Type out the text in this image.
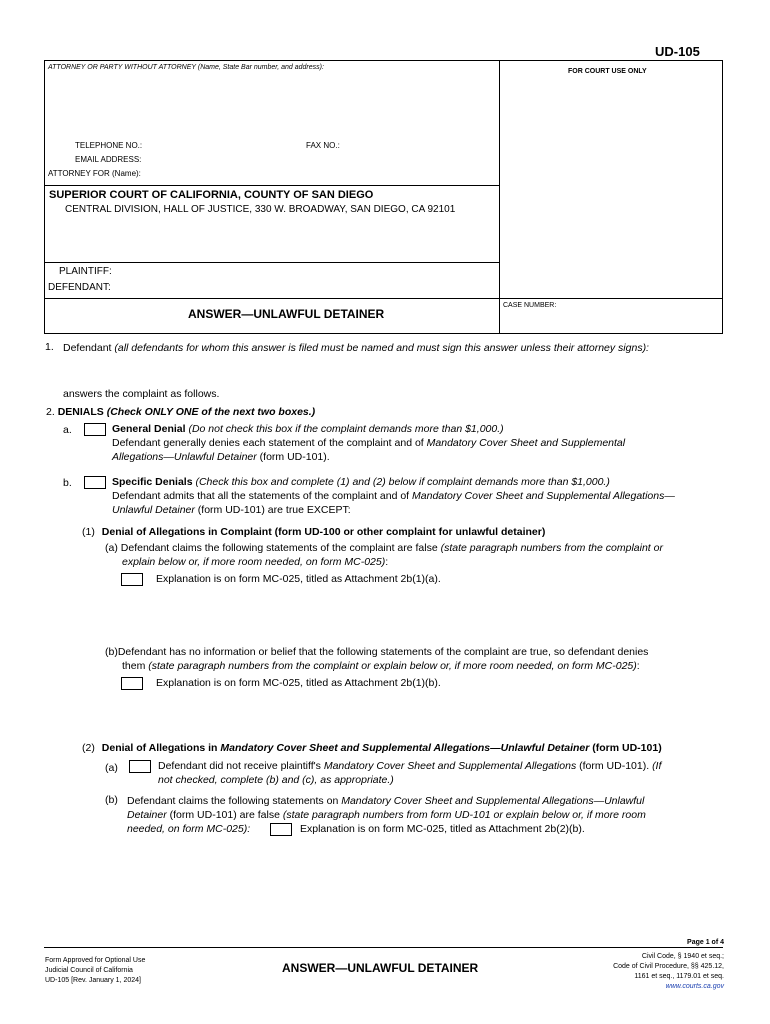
UD-105
ATTORNEY OR PARTY WITHOUT ATTORNEY (Name, State Bar number, and address):
FOR COURT USE ONLY
TELEPHONE NO.:	FAX NO.:
EMAIL ADDRESS:
ATTORNEY FOR (Name):
SUPERIOR COURT OF CALIFORNIA, COUNTY OF SAN DIEGO
CENTRAL DIVISION, HALL OF JUSTICE, 330 W. BROADWAY, SAN DIEGO, CA 92101
PLAINTIFF:
DEFENDANT:
ANSWER—UNLAWFUL DETAINER
CASE NUMBER:
1. Defendant (all defendants for whom this answer is filed must be named and must sign this answer unless their attorney signs):
answers the complaint as follows.
2. DENIALS (Check ONLY ONE of the next two boxes.)
a.	General Denial (Do not check this box if the complaint demands more than $1,000.)
Defendant generally denies each statement of the complaint and of Mandatory Cover Sheet and Supplemental
Allegations—Unlawful Detainer (form UD-101).
b.	Specific Denials (Check this box and complete (1) and (2) below if complaint demands more than $1,000.)
Defendant admits that all the statements of the complaint and of Mandatory Cover Sheet and Supplemental Allegations—
Unlawful Detainer (form UD-101) are true EXCEPT:
(1) Denial of Allegations in Complaint (form UD-100 or other complaint for unlawful detainer)
(a) Defendant claims the following statements of the complaint are false (state paragraph numbers from the complaint or
explain below or, if more room needed, on form MC-025):
Explanation is on form MC-025, titled as Attachment 2b(1)(a).
(b)Defendant has no information or belief that the following statements of the complaint are true, so defendant denies
them (state paragraph numbers from the complaint or explain below or, if more room needed, on form MC-025):
Explanation is on form MC-025, titled as Attachment 2b(1)(b).
(2) Denial of Allegations in Mandatory Cover Sheet and Supplemental Allegations—Unlawful Detainer (form UD-101)
(a)	Defendant did not receive plaintiff's Mandatory Cover Sheet and Supplemental Allegations (form UD-101). (If
not checked, complete (b) and (c), as appropriate.)
(b) Defendant claims the following statements on Mandatory Cover Sheet and Supplemental Allegations—Unlawful
Detainer (form UD-101) are false (state paragraph numbers from form UD-101 or explain below or, if more room
needed, on form MC-025):	Explanation is on form MC-025, titled as Attachment 2b(2)(b).
Page 1 of 4
Form Approved for Optional Use
Judicial Council of California
UD-105 [Rev. January 1, 2024]
ANSWER—UNLAWFUL DETAINER
Civil Code, § 1940 et seq.;
Code of Civil Procedure, §§ 425.12,
1161 et seq., 1179.01 et seq.
www.courts.ca.gov
